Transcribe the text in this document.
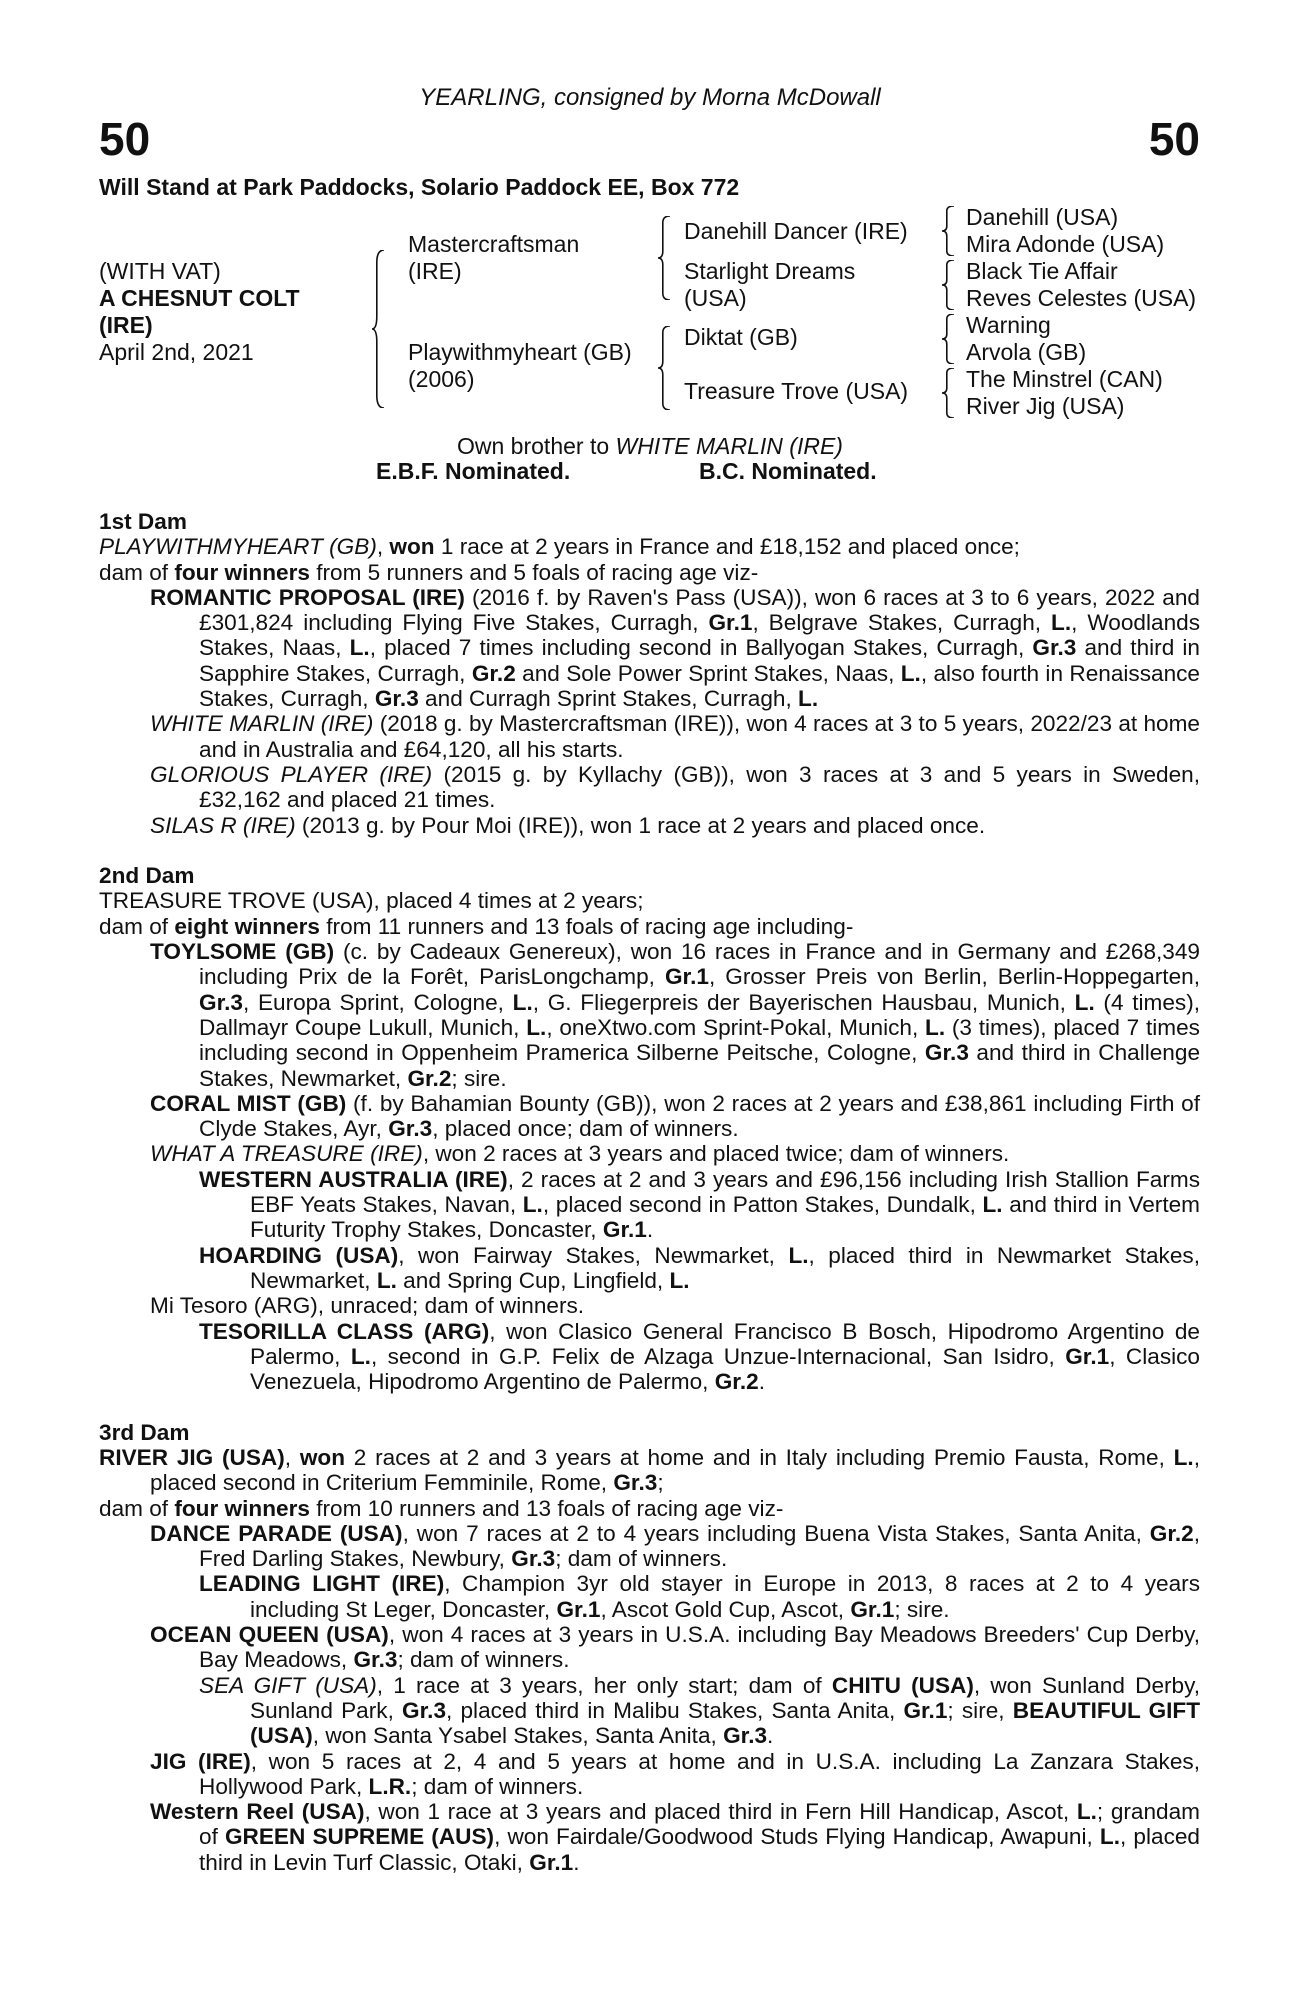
YEARLING, consigned by Morna McDowall
50	50
Will Stand at Park Paddocks, Solario Paddock EE, Box 772
(WITH VAT)
A CHESNUT COLT
(IRE)
April 2nd, 2021
Mastercraftsman
(IRE)
Playwithmyheart (GB)
(2006)
Danehill Dancer (IRE)
Starlight Dreams
(USA)
Diktat (GB)
Treasure Trove (USA)
Danehill (USA)
Mira Adonde (USA)
Black Tie Affair
Reves Celestes (USA)
Warning
Arvola (GB)
The Minstrel (CAN)
River Jig (USA)
Own brother to WHITE MARLIN (IRE)
E.B.F. Nominated.	B.C. Nominated.
1st Dam
PLAYWITHMYHEART (GB), won 1 race at 2 years in France and £18,152 and placed once;
dam of four winners from 5 runners and 5 foals of racing age viz-
ROMANTIC PROPOSAL (IRE) (2016 f. by Raven's Pass (USA)), won 6 races at 3 to 6 years, 2022 and £301,824 including Flying Five Stakes, Curragh, Gr.1, Belgrave Stakes, Curragh, L., Woodlands Stakes, Naas, L., placed 7 times including second in Ballyogan Stakes, Curragh, Gr.3 and third in Sapphire Stakes, Curragh, Gr.2 and Sole Power Sprint Stakes, Naas, L., also fourth in Renaissance Stakes, Curragh, Gr.3 and Curragh Sprint Stakes, Curragh, L.
WHITE MARLIN (IRE) (2018 g. by Mastercraftsman (IRE)), won 4 races at 3 to 5 years, 2022/23 at home and in Australia and £64,120, all his starts.
GLORIOUS PLAYER (IRE) (2015 g. by Kyllachy (GB)), won 3 races at 3 and 5 years in Sweden, £32,162 and placed 21 times.
SILAS R (IRE) (2013 g. by Pour Moi (IRE)), won 1 race at 2 years and placed once.
2nd Dam
TREASURE TROVE (USA), placed 4 times at 2 years;
dam of eight winners from 11 runners and 13 foals of racing age including-
TOYLSOME (GB) (c. by Cadeaux Genereux), won 16 races in France and in Germany and £268,349 including Prix de la Forêt, ParisLongchamp, Gr.1, Grosser Preis von Berlin, Berlin-Hoppegarten, Gr.3, Europa Sprint, Cologne, L., G. Fliegerpreis der Bayerischen Hausbau, Munich, L. (4 times), Dallmayr Coupe Lukull, Munich, L., oneXtwo.com Sprint-Pokal, Munich, L. (3 times), placed 7 times including second in Oppenheim Pramerica Silberne Peitsche, Cologne, Gr.3 and third in Challenge Stakes, Newmarket, Gr.2; sire.
CORAL MIST (GB) (f. by Bahamian Bounty (GB)), won 2 races at 2 years and £38,861 including Firth of Clyde Stakes, Ayr, Gr.3, placed once; dam of winners.
WHAT A TREASURE (IRE), won 2 races at 3 years and placed twice; dam of winners.
WESTERN AUSTRALIA (IRE), 2 races at 2 and 3 years and £96,156 including Irish Stallion Farms EBF Yeats Stakes, Navan, L., placed second in Patton Stakes, Dundalk, L. and third in Vertem Futurity Trophy Stakes, Doncaster, Gr.1.
HOARDING (USA), won Fairway Stakes, Newmarket, L., placed third in Newmarket Stakes, Newmarket, L. and Spring Cup, Lingfield, L.
Mi Tesoro (ARG), unraced; dam of winners.
TESORILLA CLASS (ARG), won Clasico General Francisco B Bosch, Hipodromo Argentino de Palermo, L., second in G.P. Felix de Alzaga Unzue-Internacional, San Isidro, Gr.1, Clasico Venezuela, Hipodromo Argentino de Palermo, Gr.2.
3rd Dam
RIVER JIG (USA), won 2 races at 2 and 3 years at home and in Italy including Premio Fausta, Rome, L., placed second in Criterium Femminile, Rome, Gr.3;
dam of four winners from 10 runners and 13 foals of racing age viz-
DANCE PARADE (USA), won 7 races at 2 to 4 years including Buena Vista Stakes, Santa Anita, Gr.2, Fred Darling Stakes, Newbury, Gr.3; dam of winners.
LEADING LIGHT (IRE), Champion 3yr old stayer in Europe in 2013, 8 races at 2 to 4 years including St Leger, Doncaster, Gr.1, Ascot Gold Cup, Ascot, Gr.1; sire.
OCEAN QUEEN (USA), won 4 races at 3 years in U.S.A. including Bay Meadows Breeders' Cup Derby, Bay Meadows, Gr.3; dam of winners.
SEA GIFT (USA), 1 race at 3 years, her only start; dam of CHITU (USA), won Sunland Derby, Sunland Park, Gr.3, placed third in Malibu Stakes, Santa Anita, Gr.1; sire, BEAUTIFUL GIFT (USA), won Santa Ysabel Stakes, Santa Anita, Gr.3.
JIG (IRE), won 5 races at 2, 4 and 5 years at home and in U.S.A. including La Zanzara Stakes, Hollywood Park, L.R.; dam of winners.
Western Reel (USA), won 1 race at 3 years and placed third in Fern Hill Handicap, Ascot, L.; grandam of GREEN SUPREME (AUS), won Fairdale/Goodwood Studs Flying Handicap, Awapuni, L., placed third in Levin Turf Classic, Otaki, Gr.1.
